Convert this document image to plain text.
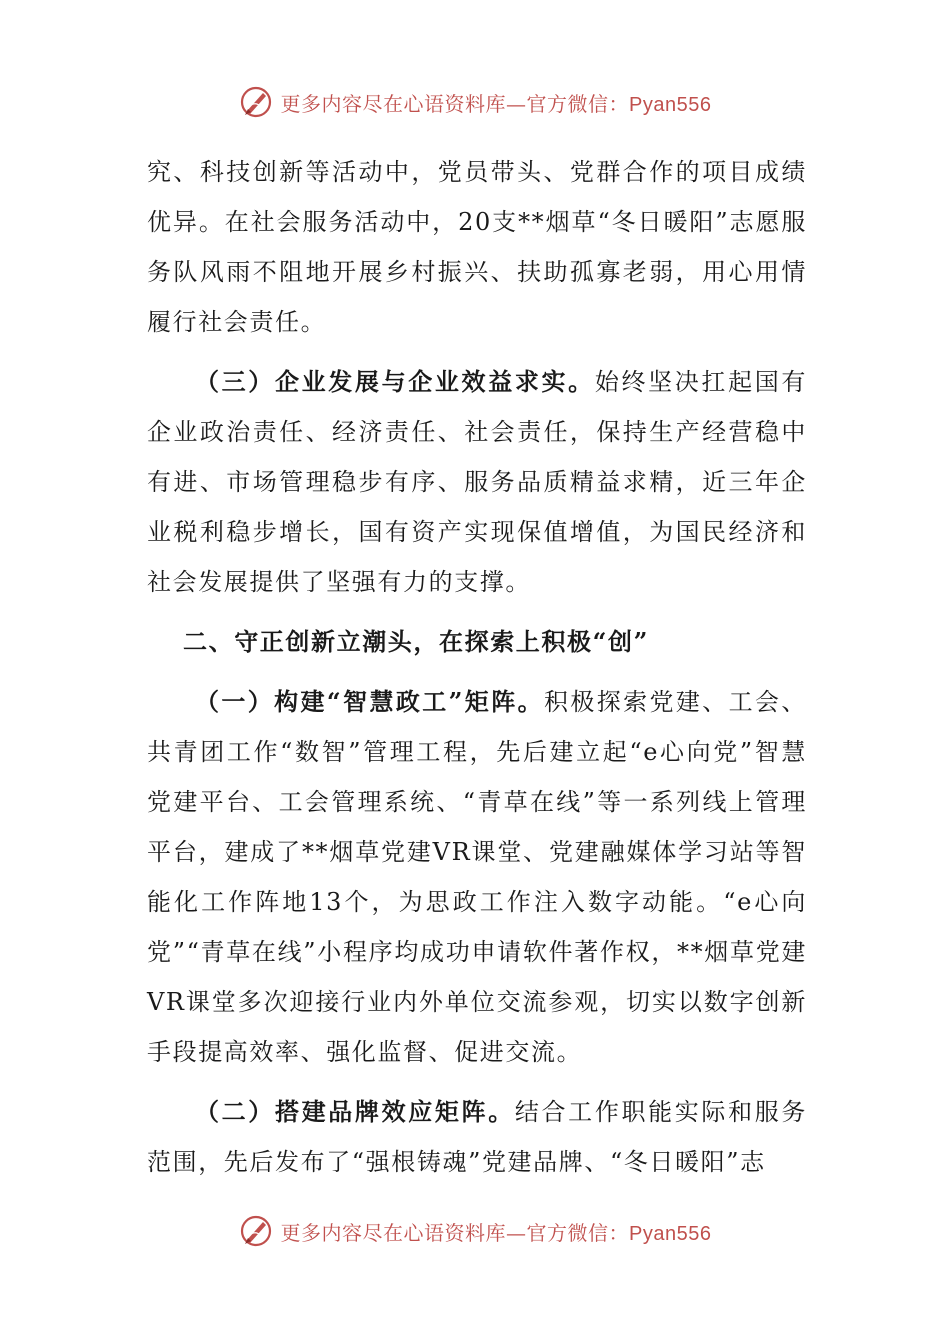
更多内容尽在心语资料库—官方微信：Pyan556

究、科技创新等活动中，党员带头、党群合作的项目成绩优异。在社会服务活动中，20支**烟草“冬日暖阳”志愿服务队风雨不阻地开展乡村振兴、扶助孤寡老弱，用心用情履行社会责任。

（三）企业发展与企业效益求实。始终坚决扛起国有企业政治责任、经济责任、社会责任，保持生产经营稳中有进、市场管理稳步有序、服务品质精益求精，近三年企业税利稳步增长，国有资产实现保值增值，为国民经济和社会发展提供了坚强有力的支撑。

二、守正创新立潮头，在探索上积极“创”

（一）构建“智慧政工”矩阵。积极探索党建、工会、共青团工作“数智”管理工程，先后建立起“e心向党”智慧党建平台、工会管理系统、“青草在线”等一系列线上管理平台，建成了**烟草党建VR课堂、党建融媒体学习站等智能化工作阵地13个，为思政工作注入数字动能。“e心向党”“青草在线”小程序均成功申请软件著作权，**烟草党建VR课堂多次迎接行业内外单位交流参观，切实以数字创新手段提高效率、强化监督、促进交流。

（二）搭建品牌效应矩阵。结合工作职能实际和服务范围，先后发布了“强根铸魂”党建品牌、“冬日暖阳”志

更多内容尽在心语资料库—官方微信：Pyan556
